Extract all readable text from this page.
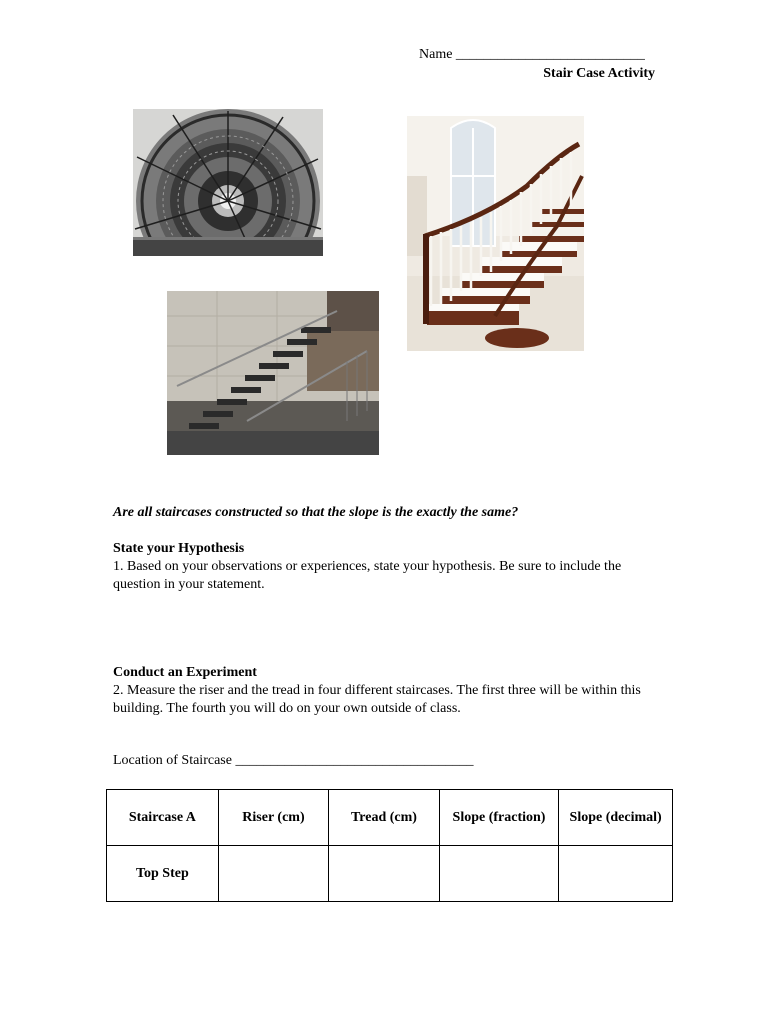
Name ___________________________
Stair Case Activity
Are all staircases constructed so that the slope is the exactly the same?
State your Hypothesis
1. Based on your observations or experiences, state your hypothesis. Be sure to include the question in your statement.
Conduct an Experiment
2. Measure the riser and the tread in four different staircases. The first three will be within this building. The fourth you will do on your own outside of class.
Location of Staircase __________________________________
Staircase A	Riser (cm)	Tread (cm)	Slope (fraction)	Slope (decimal)
Top Step				
